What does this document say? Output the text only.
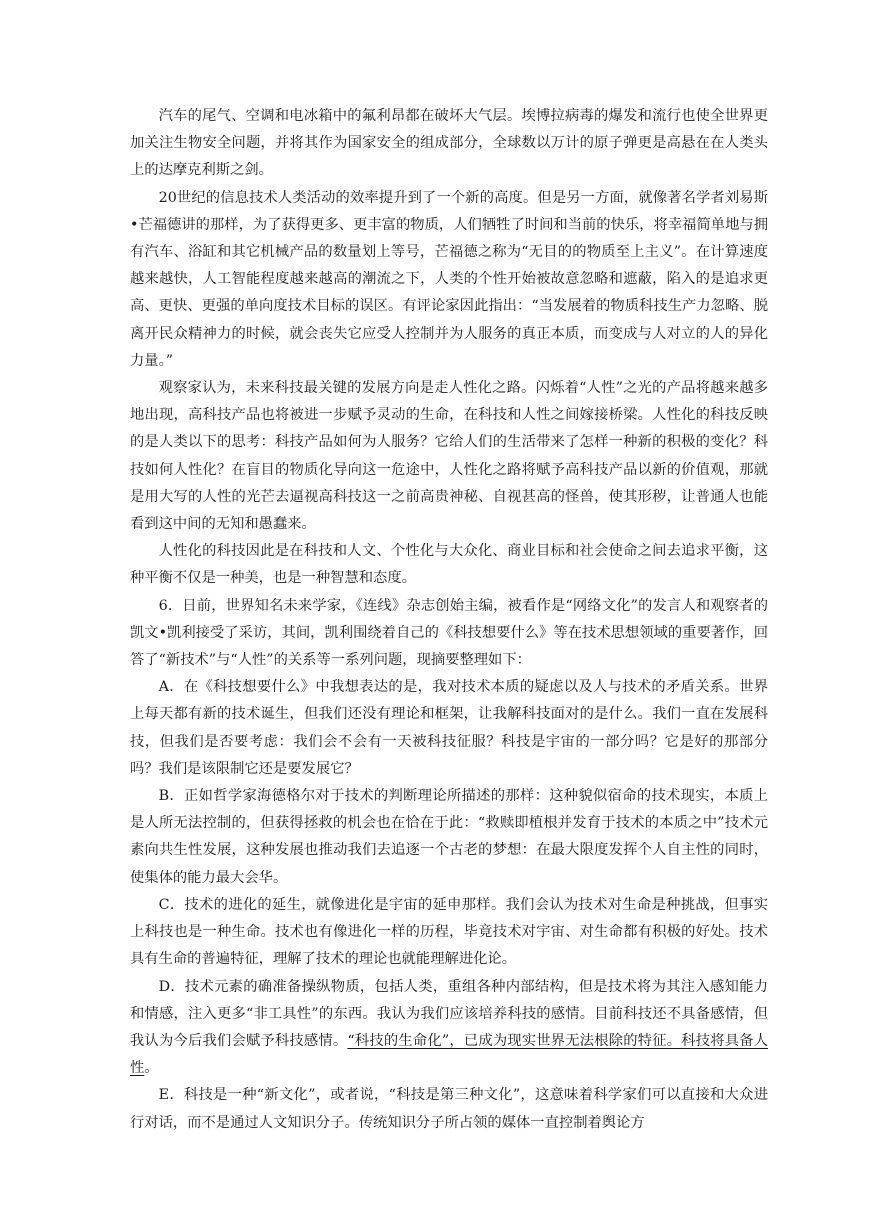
汽车的尾气、空调和电冰箱中的氟利昂都在破坏大气层。埃博拉病毒的爆发和流行也使全世界更加关注生物安全问题，并将其作为国家安全的组成部分，全球数以万计的原子弹更是高悬在在人类头上的达摩克利斯之剑。

20世纪的信息技术人类活动的效率提升到了一个新的高度。但是另一方面，就像著名学者刘易斯•芒福德讲的那样，为了获得更多、更丰富的物质，人们牺牲了时间和当前的快乐，将幸福简单地与拥有汽车、浴缸和其它机械产品的数量划上等号，芒福德之称为“无目的的物质至上主义”。在计算速度越来越快，人工智能程度越来越高的潮流之下，人类的个性开始被故意忽略和遮蔽，陷入的是追求更高、更快、更强的单向度技术目标的误区。有评论家因此指出：“当发展着的物质科技生产力忽略、脱离开民众精神力的时候，就会丧失它应受人控制并为人服务的真正本质，而变成与人对立的人的异化力量。”

观察家认为，未来科技最关键的发展方向是走人性化之路。闪烁着“人性”之光的产品将越来越多地出现，高科技产品也将被进一步赋予灵动的生命，在科技和人性之间嫁接桥梁。人性化的科技反映的是人类以下的思考：科技产品如何为人服务？它给人们的生活带来了怎样一种新的积极的变化？科技如何人性化？在盲目的物质化导向这一危途中，人性化之路将赋予高科技产品以新的价值观，那就是用大写的人性的光芒去逼视高科技这一之前高贵神秘、自视甚高的怪兽，使其形秽，让普通人也能看到这中间的无知和愚蠢来。

人性化的科技因此是在科技和人文、个性化与大众化、商业目标和社会使命之间去追求平衡，这种平衡不仅是一种美，也是一种智慧和态度。

6．日前，世界知名未来学家，《连线》杂志创始主编，被看作是“网络文化”的发言人和观察者的凯文•凯利接受了采访，其间，凯利围绕着自己的《科技想要什么》等在技术思想领域的重要著作，回答了“新技术”与“人性”的关系等一系列问题，现摘要整理如下：

A．在《科技想要什么》中我想表达的是，我对技术本质的疑虑以及人与技术的矛盾关系。世界上每天都有新的技术诞生，但我们还没有理论和框架，让我解科技面对的是什么。我们一直在发展科技，但我们是否要考虑：我们会不会有一天被科技征服？科技是宇宙的一部分吗？它是好的那部分吗？我们是该限制它还是要发展它？

B．正如哲学家海德格尔对于技术的判断理论所描述的那样：这种貌似宿命的技术现实，本质上是人所无法控制的，但获得拯救的机会也在恰在于此：“救赎即植根并发育于技术的本质之中”技术元素向共生性发展，这种发展也推动我们去追逐一个古老的梦想：在最大限度发挥个人自主性的同时，使集体的能力最大会华。

C．技术的进化的延生，就像进化是宇宙的延申那样。我们会认为技术对生命是种挑战，但事实上科技也是一种生命。技术也有像进化一样的历程，毕竟技术对宇宙、对生命都有积极的好处。技术具有生命的普遍特征，理解了技术的理论也就能理解进化论。

D．技术元素的确准备操纵物质，包括人类，重组各种内部结构，但是技术将为其注入感知能力和情感，注入更多“非工具性”的东西。我认为我们应该培养科技的感情。目前科技还不具备感情，但我认为今后我们会赋予科技感情。“科技的生命化”，已成为现实世界无法根除的特征。科技将具备人性。

E．科技是一种“新文化”，或者说，“科技是第三种文化”，这意味着科学家们可以直接和大众进行对话，而不是通过人文知识分子。传统知识分子所占领的媒体一直控制着舆论方
